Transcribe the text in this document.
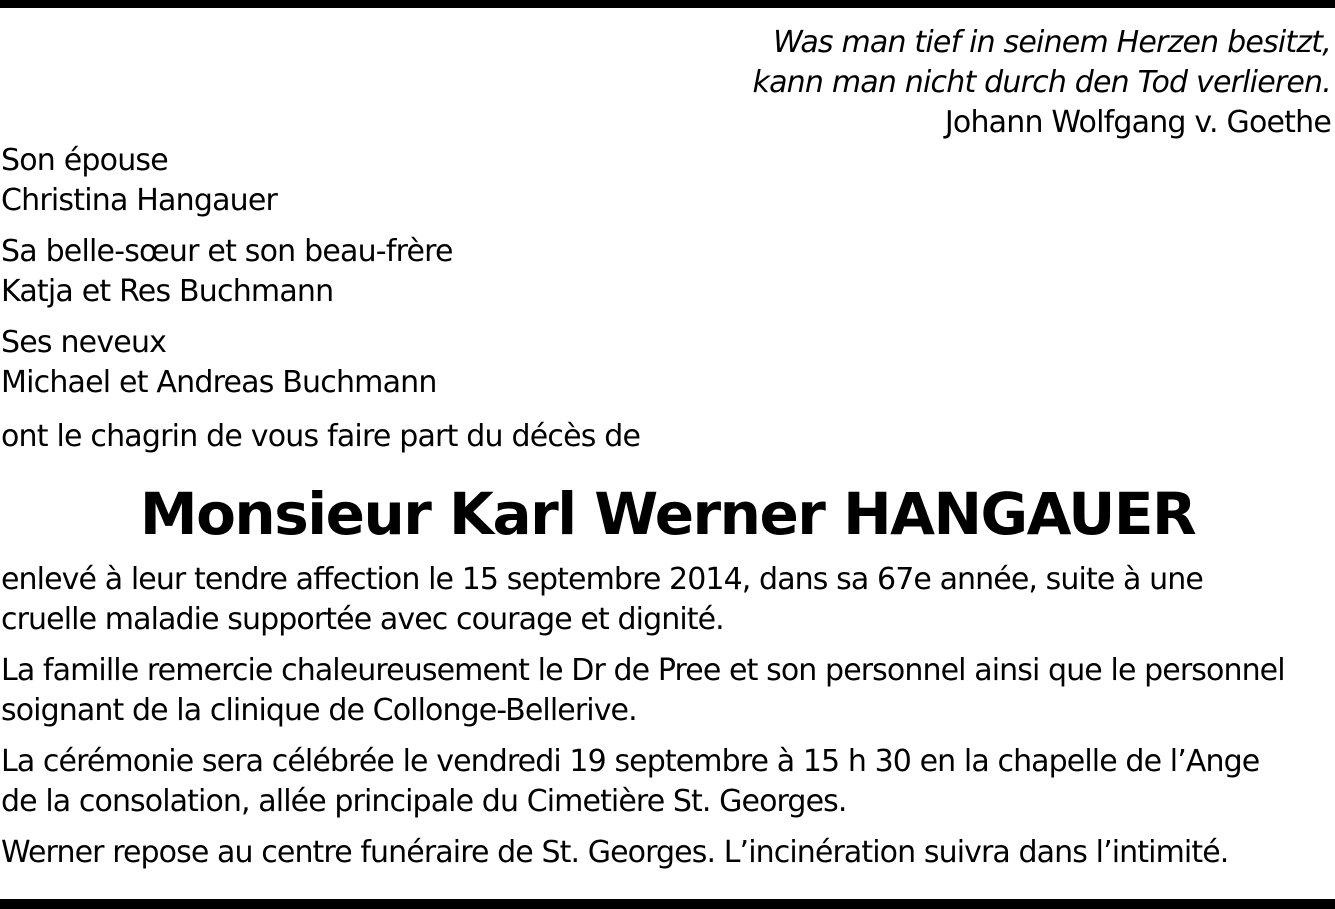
Was man tief in seinem Herzen besitzt,
kann man nicht durch den Tod verlieren.
Johann Wolfgang v. Goethe
Son épouse
Christina Hangauer
Sa belle-sœur et son beau-frère
Katja et Res Buchmann
Ses neveux
Michael et Andreas Buchmann
ont le chagrin de vous faire part du décès de
Monsieur Karl Werner HANGAUER
enlevé à leur tendre affection le 15 septembre 2014, dans sa 67e année, suite à une
cruelle maladie supportée avec courage et dignité.
La famille remercie chaleureusement le Dr de Pree et son personnel ainsi que le personnel
soignant de la clinique de Collonge-Bellerive.
La cérémonie sera célébrée le vendredi 19 septembre à 15 h 30 en la chapelle de l’Ange
de la consolation, allée principale du Cimetière St. Georges.
Werner repose au centre funéraire de St. Georges. L’incinération suivra dans l’intimité.
